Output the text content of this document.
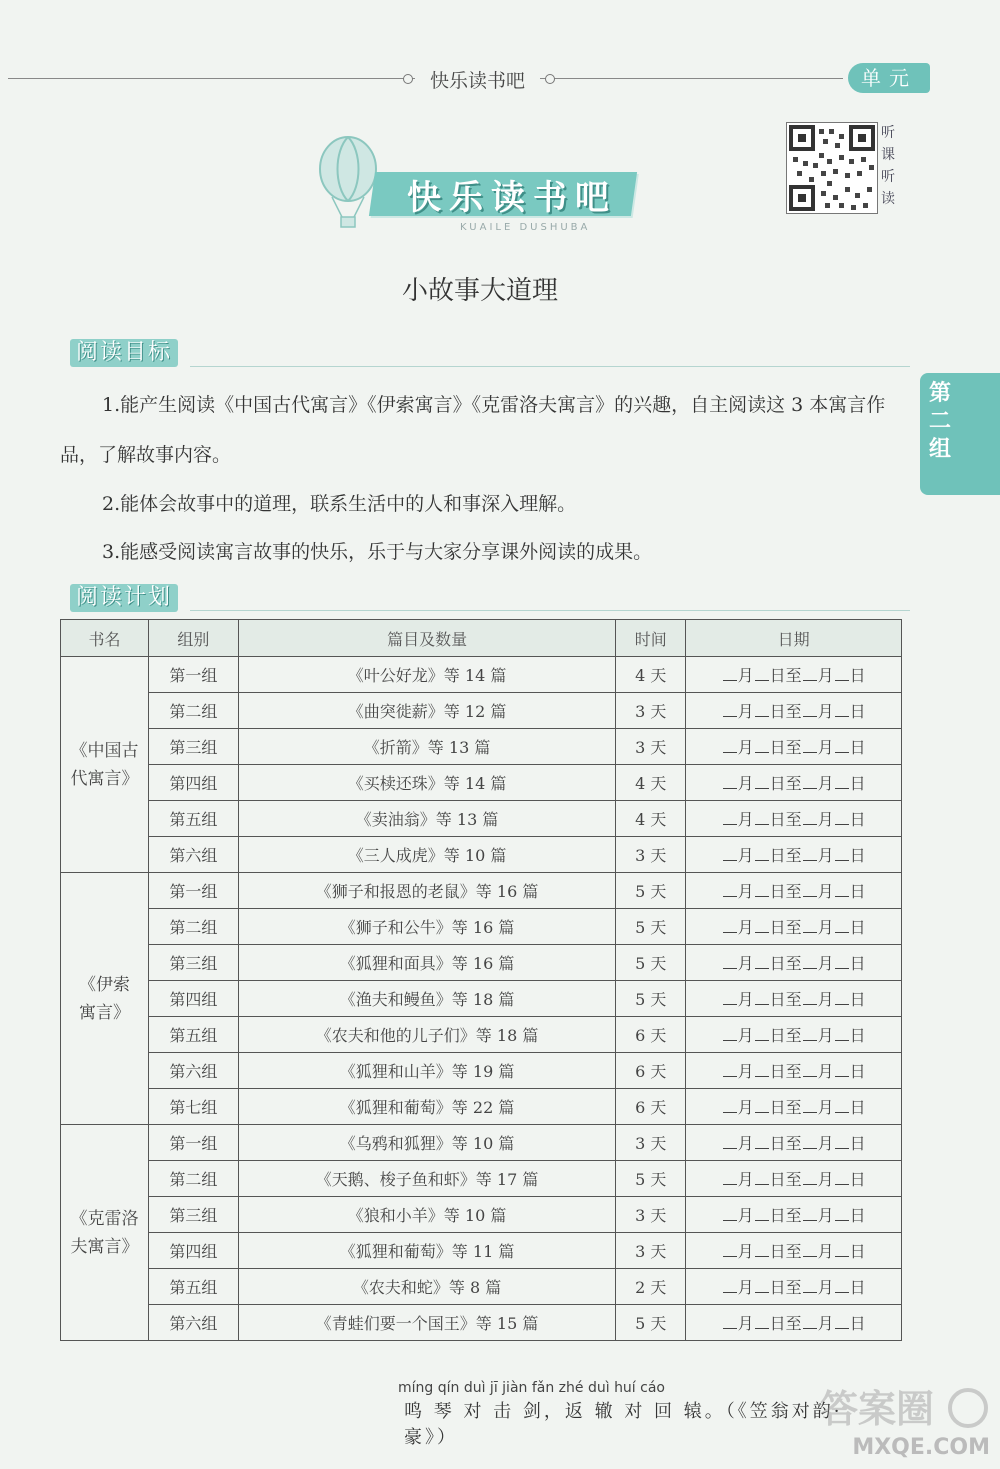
快乐读书吧	单元
快乐读书吧
KUAILE DUSHUBA
听
课
听
读
小故事大道理
阅读目标
1.能产生阅读《中国古代寓言》《伊索寓言》《克雷洛夫寓言》的兴趣，自主阅读这 3 本寓言作
品，了解故事内容。
2.能体会故事中的道理，联系生活中的人和事深入理解。
3.能感受阅读寓言故事的快乐，乐于与大家分享课外阅读的成果。
第
二
组
阅读计划
书名	组别	篇目及数量	时间	日期

《中国古
代寓言》	第一组	《叶公好龙》等 14 篇	4 天	月 日至 月 日
	第二组	《曲突徙薪》等 12 篇	3 天	月 日至 月 日
	第三组	《折箭》等 13 篇	3 天	月 日至 月 日
	第四组	《买椟还珠》等 14 篇	4 天	月 日至 月 日
	第五组	《卖油翁》等 13 篇	4 天	月 日至 月 日
	第六组	《三人成虎》等 10 篇	3 天	月 日至 月 日

《伊索
寓言》	第一组	《狮子和报恩的老鼠》等 16 篇	5 天	月 日至 月 日
	第二组	《狮子和公牛》等 16 篇	5 天	月 日至 月 日
	第三组	《狐狸和面具》等 16 篇	5 天	月 日至 月 日
	第四组	《渔夫和鳗鱼》等 18 篇	5 天	月 日至 月 日
	第五组	《农夫和他的儿子们》等 18 篇	6 天	月 日至 月 日
	第六组	《狐狸和山羊》等 19 篇	6 天	月 日至 月 日
	第七组	《狐狸和葡萄》等 22 篇	6 天	月 日至 月 日

《克雷洛
夫寓言》	第一组	《乌鸦和狐狸》等 10 篇	3 天	月 日至 月 日
	第二组	《天鹅、梭子鱼和虾》等 17 篇	5 天	月 日至 月 日
	第三组	《狼和小羊》等 10 篇	3 天	月 日至 月 日
	第四组	《狐狸和葡萄》等 11 篇	3 天	月 日至 月 日
	第五组	《农夫和蛇》等 8 篇	2 天	月 日至 月 日
	第六组	《青蛙们要一个国王》等 15 篇	5 天	月 日至 月 日
míng qín duì jī jiàn fǎn zhé duì huí cáo
鸣 琴 对 击 剑，返 辙 对 回 辕。（《笠翁对韵·豪》）
答案圈
MXQE.COM
